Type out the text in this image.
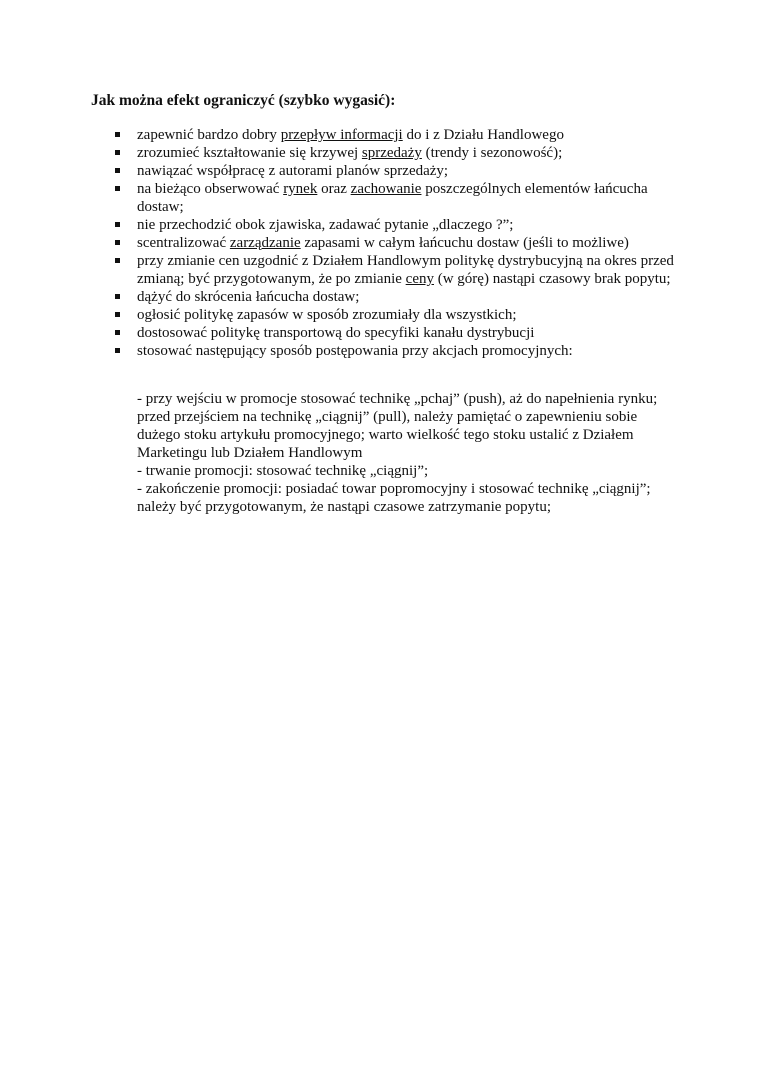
Jak można efekt ograniczyć (szybko wygasić):
zapewnić bardzo dobry przepływ informacji do i z Działu Handlowego
zrozumieć kształtowanie się krzywej sprzedaży (trendy i sezonowość);
nawiązać współpracę z autorami planów sprzedaży;
na bieżąco obserwować rynek oraz zachowanie poszczególnych elementów łańcucha dostaw;
nie przechodzić obok zjawiska, zadawać pytanie „dlaczego ?”;
scentralizować zarządzanie zapasami w całym łańcuchu dostaw (jeśli to możliwe)
przy zmianie cen uzgodnić z Działem Handlowym politykę dystrybucyjną na okres przed zmianą; być przygotowanym, że po zmianie ceny (w górę) nastąpi czasowy brak popytu;
dążyć do skrócenia łańcucha dostaw;
ogłosić politykę zapasów w sposób zrozumiały dla wszystkich;
dostosować politykę transportową do specyfiki kanału dystrybucji
stosować następujący sposób postępowania przy akcjach promocyjnych:

- przy wejściu w promocje stosować technikę „pchaj” (push), aż do napełnienia rynku; przed przejściem na technikę „ciągnij” (pull), należy pamiętać o zapewnieniu sobie dużego stoku artykułu promocyjnego; warto wielkość tego stoku ustalić z Działem Marketingu lub Działem Handlowym

- trwanie promocji: stosować technikę „ciągnij”;

- zakończenie promocji: posiadać towar popromocyjny i stosować technikę „ciągnij”; należy być przygotowanym, że nastąpi czasowe zatrzymanie popytu;
